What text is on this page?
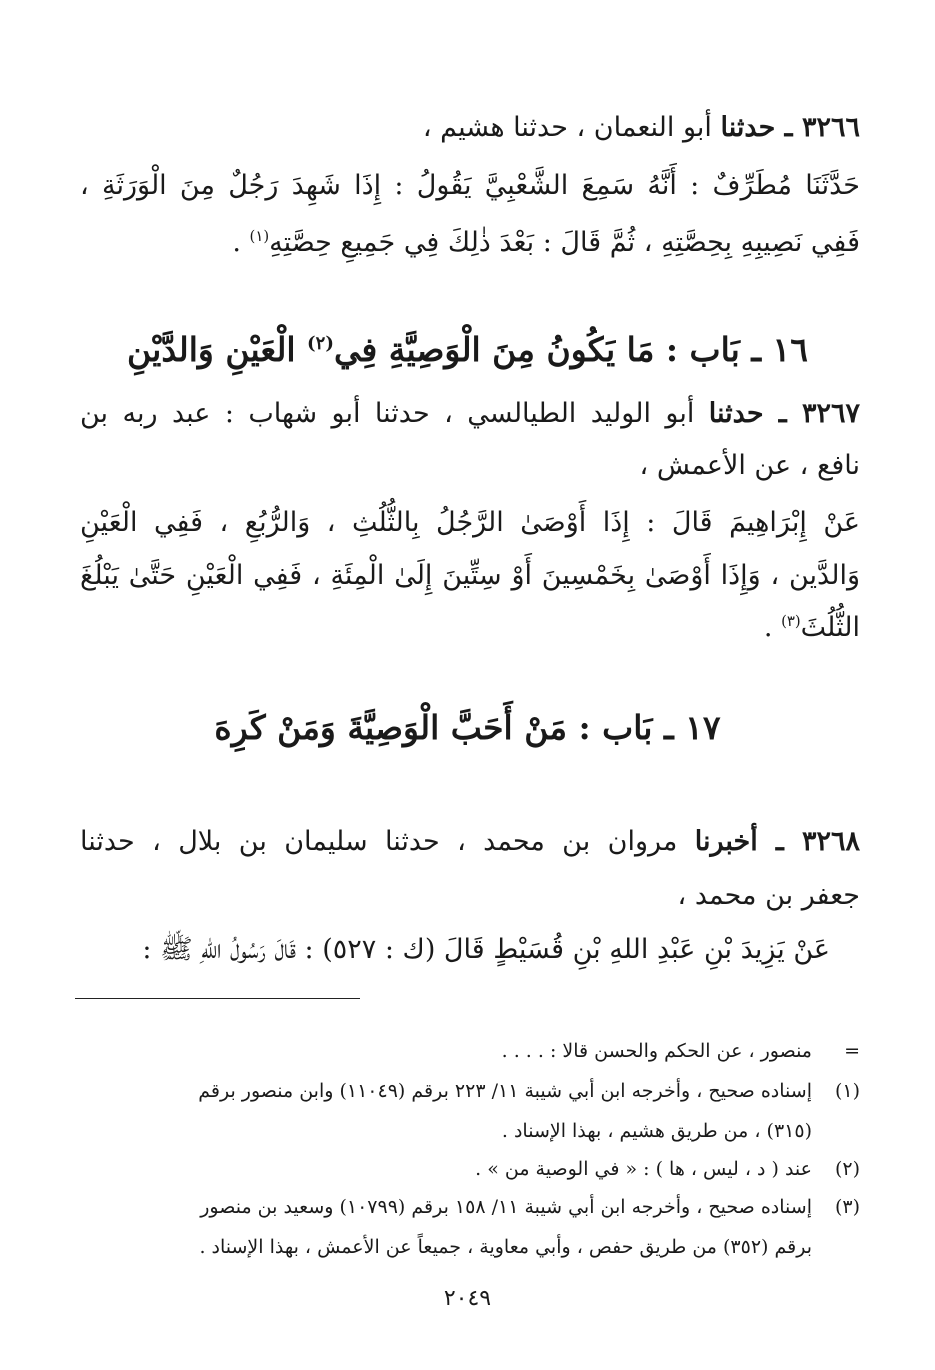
٣٢٦٦ ـ حدثنا أبو النعمان ، حدثنا هشيم ،
حَدَّثَنَا مُطَرِّفٌ : أَنَّهُ سَمِعَ الشَّعْبِيَّ يَقُولُ : إِذَا شَهِدَ رَجُلٌ مِنَ الْوَرَثَةِ ،
فَفِي نَصِيبِهِ بِحِصَّتِهِ ، ثُمَّ قَالَ : بَعْدَ ذٰلِكَ فِي جَمِيعِ حِصَّتِهِ$^{(١)}$ .
١٦ ـ بَاب : مَا يَكُونُ مِنَ الْوَصِيَّةِ فِي$^{(٢)}$ الْعَيْنِ وَالدَّيْنِ
٣٢٦٧ ـ حدثنا أبو الوليد الطيالسي ، حدثنا أبو شهاب : عبد ربه بن
نافع ، عن الأعمش ،
عَنْ إِبْرَاهِيمَ قَالَ : إِذَا أَوْصَىٰ الرَّجُلُ بِالثُّلُثِ ، وَالرُّبُعِ ، فَفِي الْعَيْنِ
وَالدَّين ، وَإِذَا أَوْصَىٰ بِخَمْسِينَ أَوْ سِتِّينَ إِلَىٰ الْمِئَةِ ، فَفِي الْعَيْنِ حَتَّىٰ يَبْلُغَ
الثُّلُثَ$^{(٣)}$ .
١٧ ـ بَاب : مَنْ أَحَبَّ الْوَصِيَّةَ وَمَنْ كَرِهَ
٣٢٦٨ ـ أخبرنا مروان بن محمد ، حدثنا سليمان بن بلال ، حدثنا
جعفر بن محمد ،
عَنْ يَزِيدَ بْنِ عَبْدِ اللهِ بْنِ قُسَيْطٍ قَالَ (ك : ٥٢٧) : قَالَ رَسُولُ اللهِ ﷺ :
=
منصور ، عن الحكم والحسن قالا : . . . .
(١)
إسناده صحيح ، وأخرجه ابن أبي شيبة ١١/ ٢٢٣ برقم (١١٠٤٩) وابن منصور برقم
(٣١٥) ، من طريق هشيم ، بهذا الإسناد .
(٢)
عند ( د ، ليس ، ها ) : « في الوصية من » .
(٣)
إسناده صحيح ، وأخرجه ابن أبي شيبة ١١/ ١٥٨ برقم (١٠٧٩٩) وسعيد بن منصور
برقم (٣٥٢) من طريق حفص ، وأبي معاوية ، جميعاً عن الأعمش ، بهذا الإسناد .
٢٠٤٩
